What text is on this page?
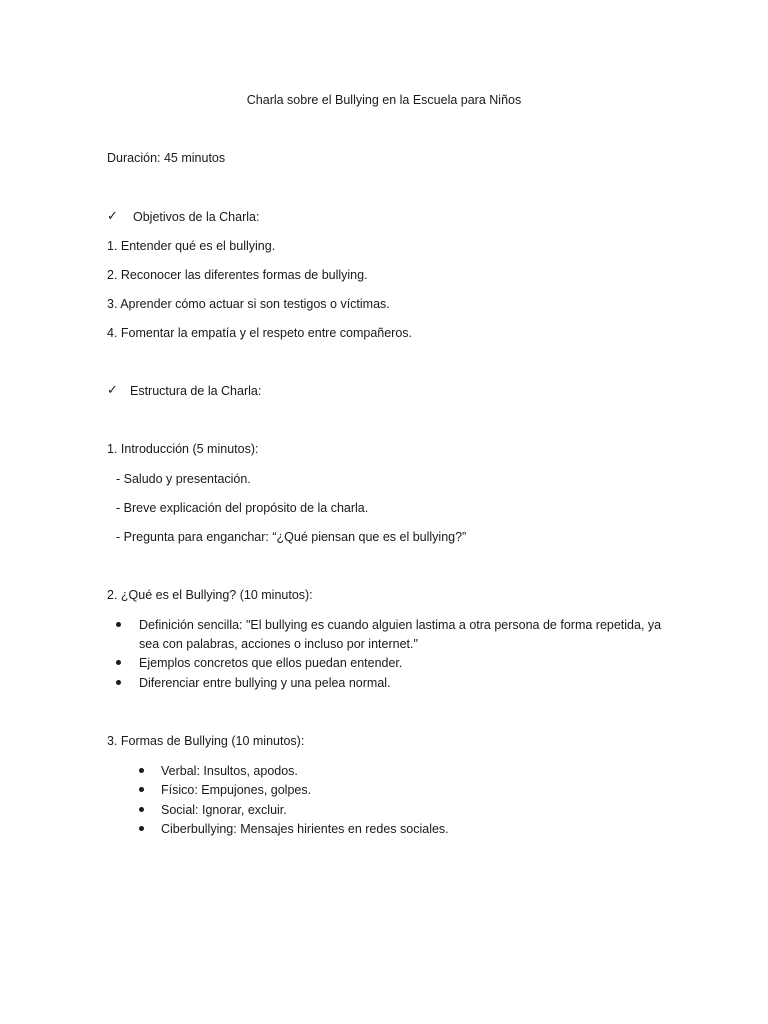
Charla sobre el Bullying en la Escuela para Niños
Duración: 45 minutos
✓ Objetivos de la Charla:
1. Entender qué es el bullying.
2. Reconocer las diferentes formas de bullying.
3. Aprender cómo actuar si son testigos o víctimas.
4. Fomentar la empatía y el respeto entre compañeros.
✓ Estructura de la Charla:
1. Introducción (5 minutos):
- Saludo y presentación.
- Breve explicación del propósito de la charla.
- Pregunta para enganchar: “¿Qué piensan que es el bullying?”
2. ¿Qué es el Bullying? (10 minutos):
Definición sencilla: "El bullying es cuando alguien lastima a otra persona de forma repetida, ya
sea con palabras, acciones o incluso por internet."
Ejemplos concretos que ellos puedan entender.
Diferenciar entre bullying y una pelea normal.
3. Formas de Bullying (10 minutos):
Verbal: Insultos, apodos.
Físico: Empujones, golpes.
Social: Ignorar, excluir.
Ciberbullying: Mensajes hirientes en redes sociales.
